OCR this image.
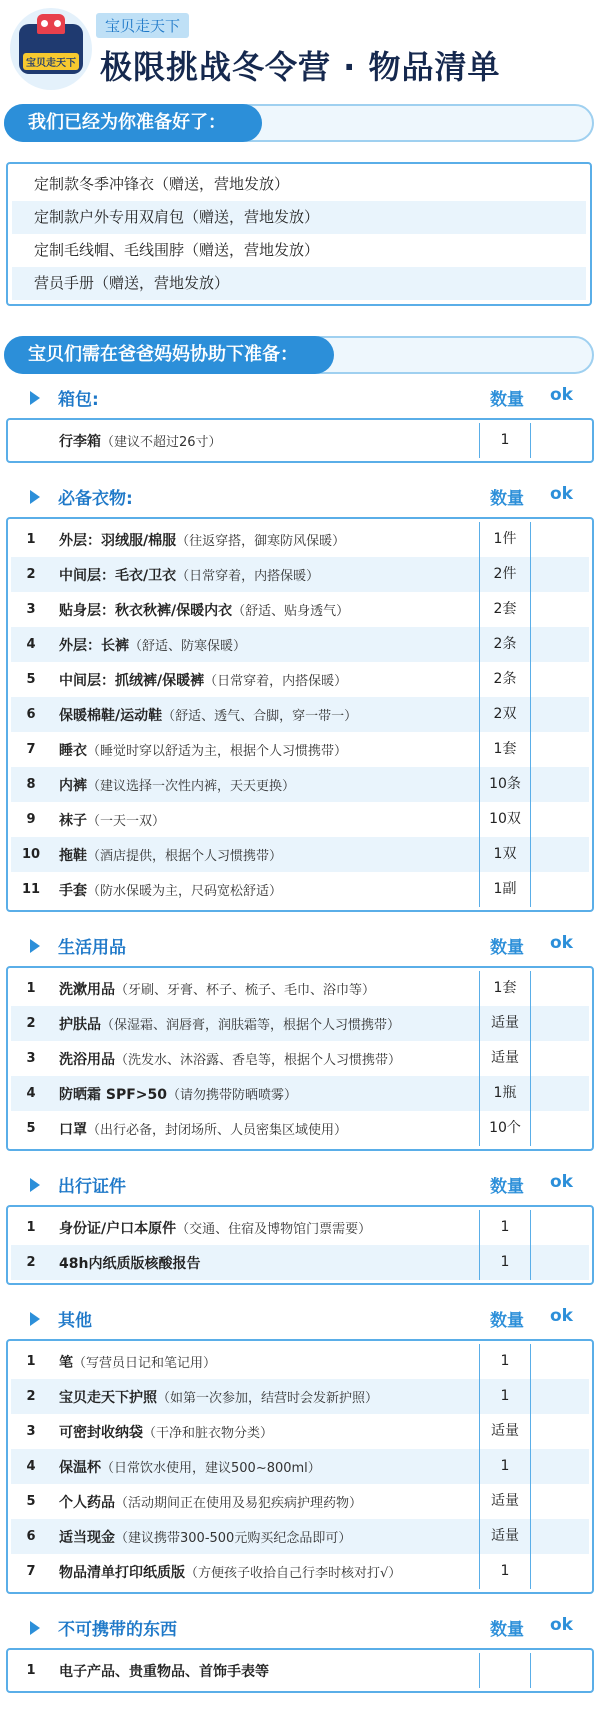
宝贝走天下
宝贝走天下
极限挑战冬令营 · 物品清单
我们已经为你准备好了：
定制款冬季冲锋衣（赠送，营地发放）
定制款户外专用双肩包（赠送，营地发放）
定制毛线帽、毛线围脖（赠送，营地发放）
营员手册（赠送，营地发放）
宝贝们需在爸爸妈妈协助下准备：
箱包:	数量 ok
行李箱（建议不超过26寸）	1
必备衣物:	数量 ok
1	外层：羽绒服/棉服（往返穿搭，御寒防风保暖）	1件
2	中间层：毛衣/卫衣（日常穿着，内搭保暖）	2件
3	贴身层：秋衣秋裤/保暖内衣（舒适、贴身透气）	2套
4	外层：长裤（舒适、防寒保暖）	2条
5	中间层：抓绒裤/保暖裤（日常穿着，内搭保暖）	2条
6	保暖棉鞋/运动鞋（舒适、透气、合脚，穿一带一）	2双
7	睡衣（睡觉时穿以舒适为主，根据个人习惯携带）	1套
8	内裤（建议选择一次性内裤，天天更换）	10条
9	袜子（一天一双）	10双
10	拖鞋（酒店提供，根据个人习惯携带）	1双
11	手套（防水保暖为主，尺码宽松舒适）	1副
生活用品	数量 ok
1	洗漱用品（牙刷、牙膏、杯子、梳子、毛巾、浴巾等）	1套
2	护肤品（保湿霜、润唇膏，润肤霜等，根据个人习惯携带）	适量
3	洗浴用品（洗发水、沐浴露、香皂等，根据个人习惯携带）	适量
4	防晒霜 SPF>50（请勿携带防晒喷雾）	1瓶
5	口罩（出行必备，封闭场所、人员密集区域使用）	10个
出行证件	数量 ok
1	身份证/户口本原件（交通、住宿及博物馆门票需要）	1
2	48h内纸质版核酸报告	1
其他	数量 ok
1	笔（写营员日记和笔记用）	1
2	宝贝走天下护照（如第一次参加，结营时会发新护照）	1
3	可密封收纳袋（干净和脏衣物分类）	适量
4	保温杯（日常饮水使用，建议500~800ml）	1
5	个人药品（活动期间正在使用及易犯疾病护理药物）	适量
6	适当现金（建议携带300-500元购买纪念品即可）	适量
7	物品清单打印纸质版（方便孩子收拾自己行李时核对打√）	1
不可携带的东西	数量 ok
1	电子产品、贵重物品、首饰手表等
